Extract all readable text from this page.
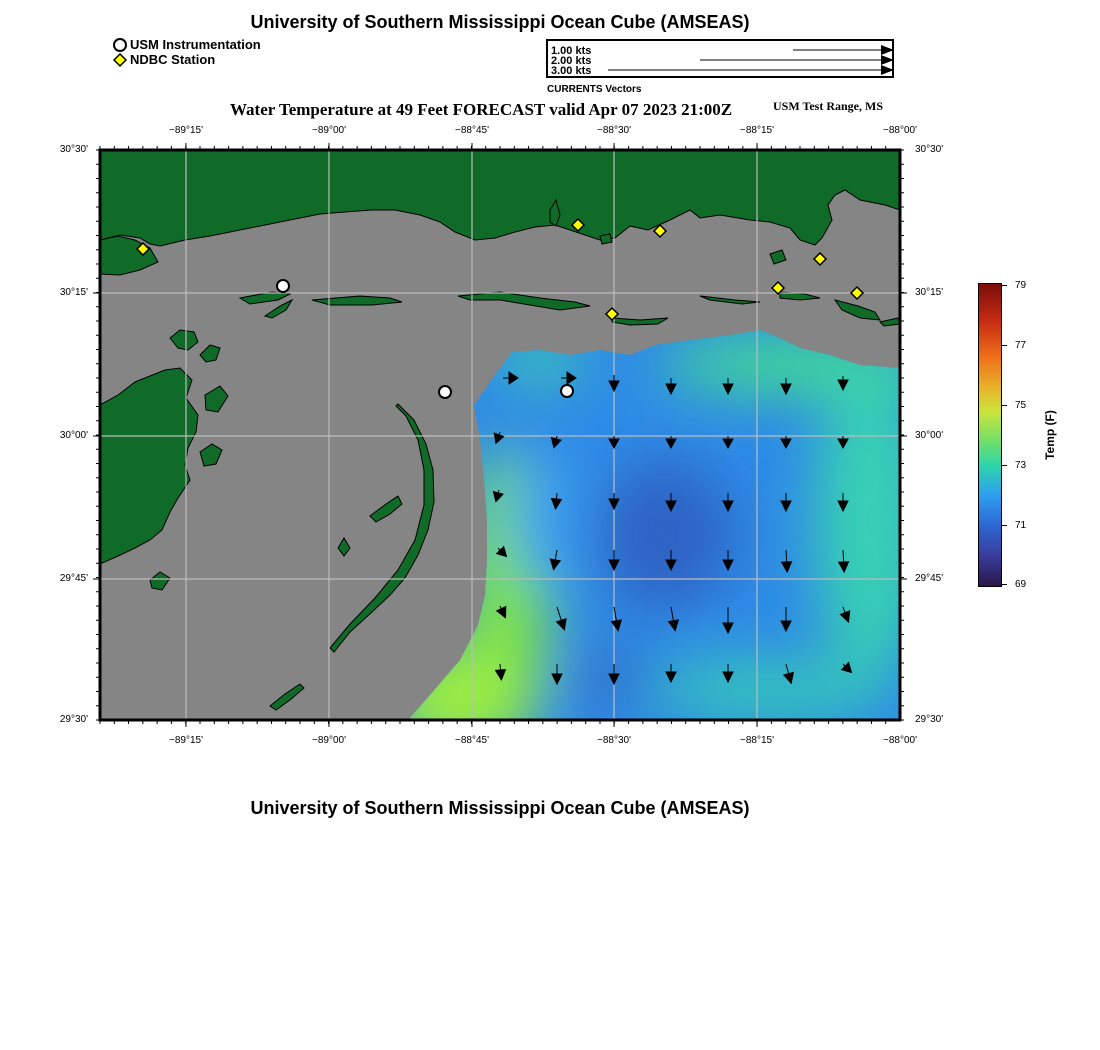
University of Southern Mississippi Ocean Cube (AMSEAS)
USM Instrumentation
NDBC Station
1.00 kts
2.00 kts
3.00 kts
CURRENTS Vectors
Water Temperature at 49 Feet FORECAST valid Apr 07 2023 21:00Z	USM Test Range, MS
−89°15'	−89°00'	−88°45'	−88°30'	−88°15'	−88°00'
−89°15'	−89°00'	−88°45'	−88°30'	−88°15'	−88°00'
30°30'
30°15'
30°00'
29°45'
29°30'
30°30'
30°15'
30°00'
29°45'
29°30'
79
77
75
73
71
69
Temp (F)
University of Southern Mississippi Ocean Cube (AMSEAS)
